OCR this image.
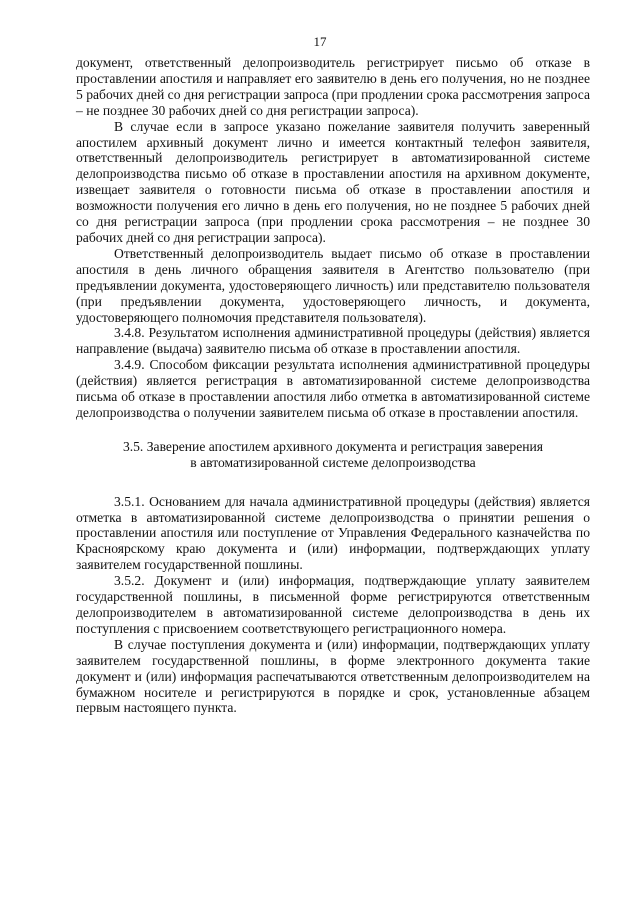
17

документ, ответственный делопроизводитель регистрирует письмо об отказе в проставлении апостиля и направляет его заявителю в день его получения, но не позднее 5 рабочих дней со дня регистрации запроса (при продлении срока рассмотрения запроса – не позднее 30 рабочих дней со дня регистрации запроса).

В случае если в запросе указано пожелание заявителя получить заверенный апостилем архивный документ лично и имеется контактный телефон заявителя, ответственный делопроизводитель регистрирует в автоматизированной системе делопроизводства письмо об отказе в проставлении апостиля на архивном документе, извещает заявителя о готовности письма об отказе в проставлении апостиля и возможности получения его лично в день его получения, но не позднее 5 рабочих дней со дня регистрации запроса (при продлении срока рассмотрения – не позднее 30 рабочих дней со дня регистрации запроса).

Ответственный делопроизводитель выдает письмо об отказе в проставлении апостиля в день личного обращения заявителя в Агентство пользователю (при предъявлении документа, удостоверяющего личность) или представителю пользователя (при предъявлении документа, удостоверяющего личность, и документа, удостоверяющего полномочия представителя пользователя).

3.4.8. Результатом исполнения административной процедуры (действия) является направление (выдача) заявителю письма об отказе в проставлении апостиля.

3.4.9. Способом фиксации результата исполнения административной процедуры (действия) является регистрация в автоматизированной системе делопроизводства письма об отказе в проставлении апостиля либо отметка в автоматизированной системе делопроизводства о получении заявителем письма об отказе в проставлении апостиля.

3.5. Заверение апостилем архивного документа и регистрация заверения
в автоматизированной системе делопроизводства

3.5.1. Основанием для начала административной процедуры (действия) является отметка в автоматизированной системе делопроизводства о принятии решения о проставлении апостиля или поступление от Управления Федерального казначейства по Красноярскому краю документа и (или) информации, подтверждающих уплату заявителем государственной пошлины.

3.5.2. Документ и (или) информация, подтверждающие уплату заявителем государственной пошлины, в письменной форме регистрируются ответственным делопроизводителем в автоматизированной системе делопроизводства в день их поступления с присвоением соответствующего регистрационного номера.

В случае поступления документа и (или) информации, подтверждающих уплату заявителем государственной пошлины, в форме электронного документа такие документ и (или) информация распечатываются ответственным делопроизводителем на бумажном носителе и регистрируются в порядке и срок, установленные абзацем первым настоящего пункта.
